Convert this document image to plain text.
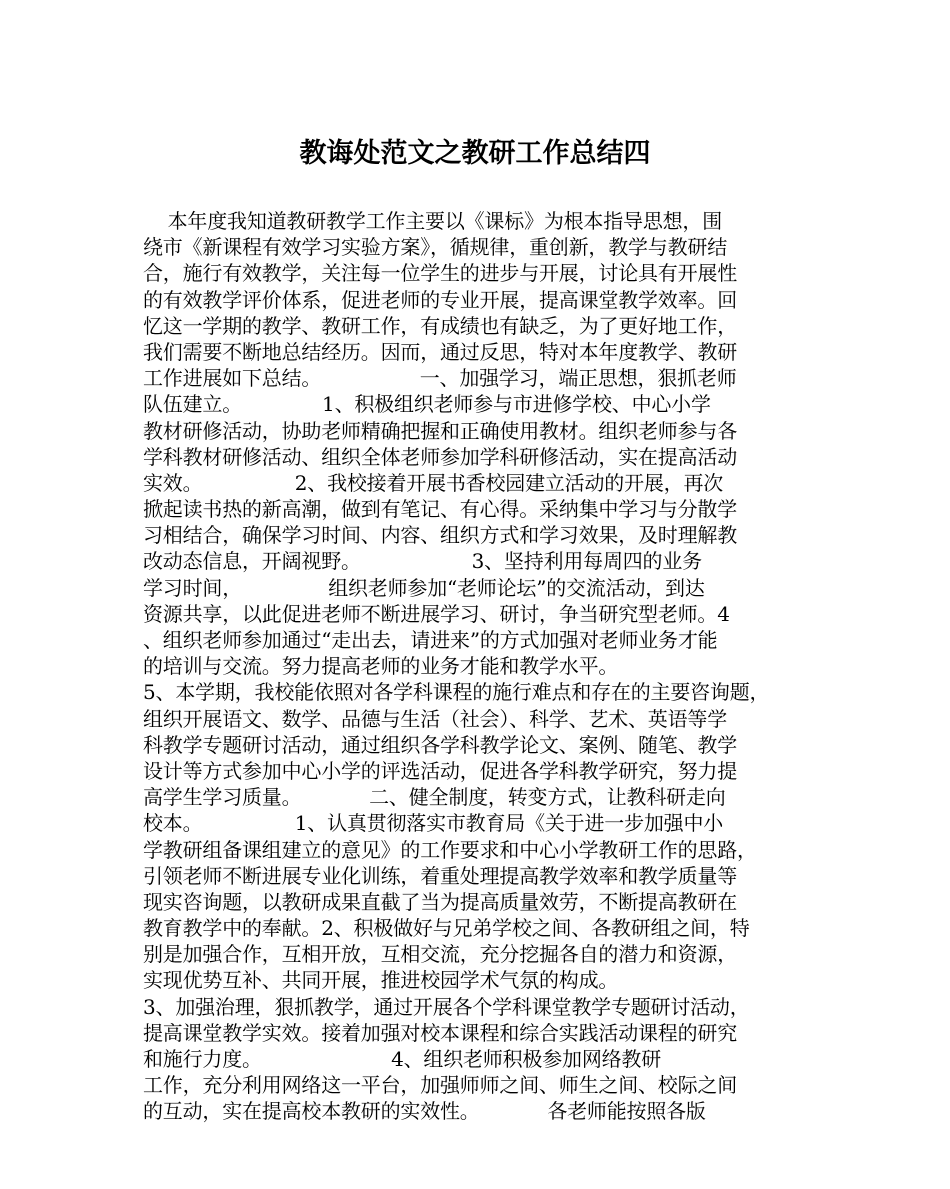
教诲处范文之教研工作总结四
本年度我知道教研教学工作主要以《课标》为根本指导思想，围
绕市《新课程有效学习实验方案》，循规律，重创新，教学与教研结
合，施行有效教学，关注每一位学生的进步与开展，讨论具有开展性
的有效教学评价体系，促进老师的专业开展，提高课堂教学效率。回
忆这一学期的教学、教研工作，有成绩也有缺乏，为了更好地工作，
我们需要不断地总结经历。因而，通过反思，特对本年度教学、教研
工作进展如下总结。                一、加强学习，端正思想，狠抓老师
队伍建立。             1、积极组织老师参与市进修学校、中心小学
教材研修活动，协助老师精确把握和正确使用教材。组织老师参与各
学科教材研修活动、组织全体老师参加学科研修活动，实在提高活动
实效。               2、我校接着开展书香校园建立活动的开展，再次
掀起读书热的新高潮，做到有笔记、有心得。采纳集中学习与分散学
习相结合，确保学习时间、内容、组织方式和学习效果，及时理解教
改动态信息，开阔视野。                  3、坚持利用每周四的业务
学习时间，              组织老师参加“老师论坛”的交流活动，到达
资源共享，以此促进老师不断进展学习、研讨，争当研究型老师。4
、组织老师参加通过“走出去，请进来”的方式加强对老师业务才能
的培训与交流。努力提高老师的业务才能和教学水平。
5、本学期，我校能依照对各学科课程的施行难点和存在的主要咨询题，
组织开展语文、数学、品德与生活（社会）、科学、艺术、英语等学
科教学专题研讨活动，通过组织各学科教学论文、案例、随笔、教学
设计等方式参加中心小学的评选活动，促进各学科教学研究，努力提
高学生学习质量。           二、健全制度，转变方式，让教科研走向
校本。               1、认真贯彻落实市教育局《关于进一步加强中小
学教研组备课组建立的意见》的工作要求和中心小学教研工作的思路，
引领老师不断进展专业化训练，着重处理提高教学效率和教学质量等
现实咨询题，以教研成果直截了当为提高质量效劳，不断提高教研在
教育教学中的奉献。2、积极做好与兄弟学校之间、各教研组之间，特
别是加强合作，互相开放，互相交流，充分挖掘各自的潜力和资源，
实现优势互补、共同开展，推进校园学术气氛的构成。
3、加强治理，狠抓教学，通过开展各个学科课堂教学专题研讨活动，
提高课堂教学实效。接着加强对校本课程和综合实践活动课程的研究
和施行力度。                     4、组织老师积极参加网络教研
工作，充分利用网络这一平台，加强师师之间、师生之间、校际之间
的互动，实在提高校本教研的实效性。           各老师能按照各版
